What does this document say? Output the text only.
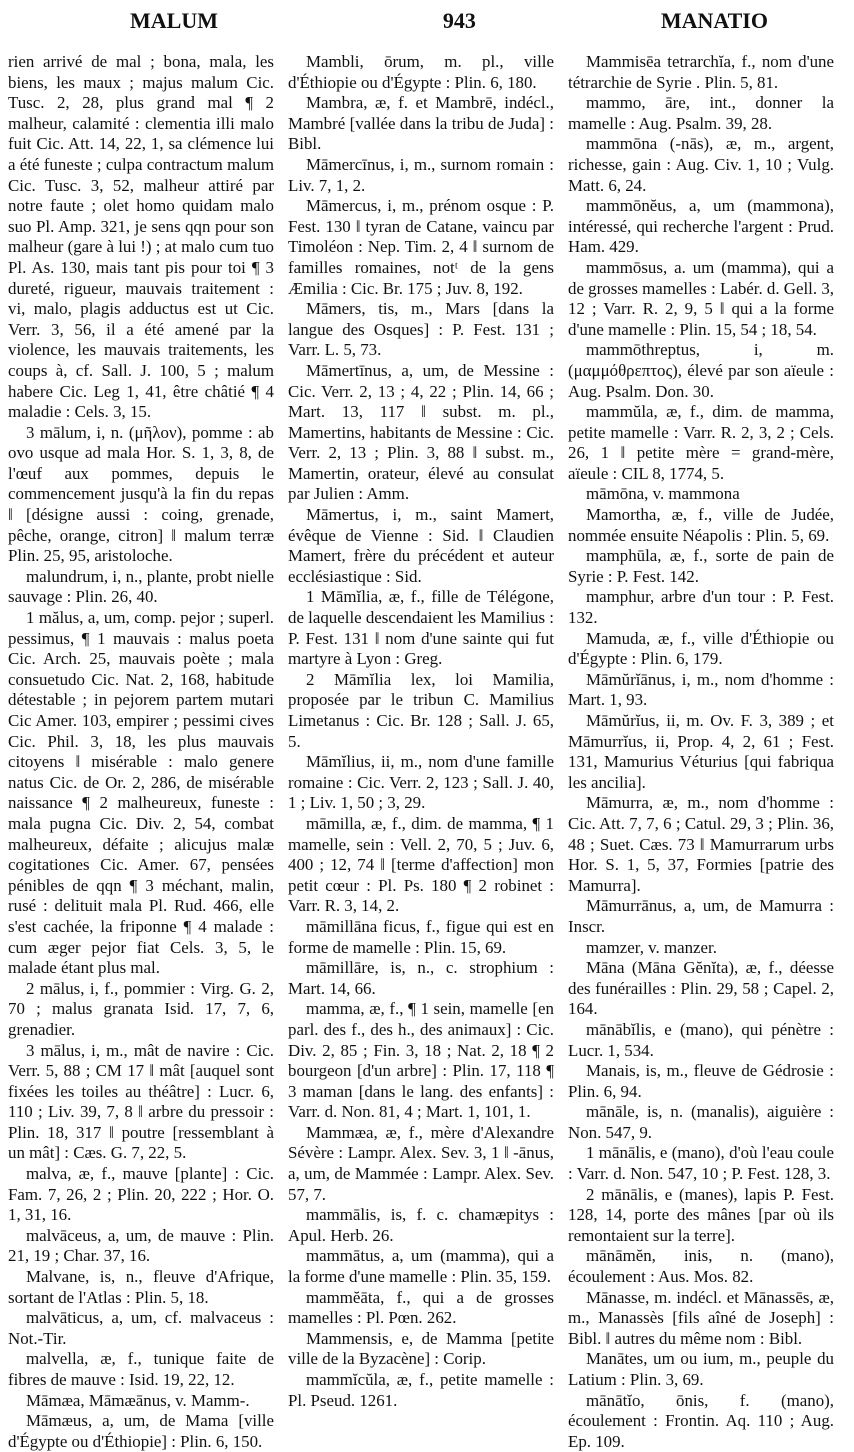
MALUM	943	MANATIO

rien arrivé de mal ; bona, mala, les biens, les maux ; majus malum Cic. Tusc. 2, 28, plus grand mal ¶ 2 malheur, calamité : clementia illi malo fuit Cic. Att. 14, 22, 1, sa clémence lui a été funeste ; culpa contractum malum Cic. Tusc. 3, 52, malheur attiré par notre faute ; olet homo quidam malo suo Pl. Amp. 321, je sens qqn pour son malheur (gare à lui !) ; at malo cum tuo Pl. As. 130, mais tant pis pour toi ¶ 3 dureté, rigueur, mauvais traitement : vi, malo, plagis adductus est ut Cic. Verr. 3, 56, il a été amené par la violence, les mauvais traitements, les coups à, cf. Sall. J. 100, 5 ; malum habere Cic. Leg 1, 41, être châtié ¶ 4 maladie : Cels. 3, 15.

3 mālum, i, n. (μῆλον), pomme : ab ovo usque ad mala Hor. S. 1, 3, 8, de l'œuf aux pommes, depuis le commencement jusqu'à la fin du repas ‖ [désigne aussi : coing, grenade, pêche, orange, citron] ‖ malum terræ Plin. 25, 95, aristoloche.

malundrum, i, n., plante, probt nielle sauvage : Plin. 26, 40.

1 mălus, a, um, comp. pejor ; superl. pessimus, ¶ 1 mauvais : malus poeta Cic. Arch. 25, mauvais poète ; mala consuetudo Cic. Nat. 2, 168, habitude détestable ; in pejorem partem mutari Cic Amer. 103, empirer ; pessimi cives Cic. Phil. 3, 18, les plus mauvais citoyens ‖ misérable : malo genere natus Cic. de Or. 2, 286, de misérable naissance ¶ 2 malheureux, funeste : mala pugna Cic. Div. 2, 54, combat malheureux, défaite ; alicujus malæ cogitationes Cic. Amer. 67, pensées pénibles de qqn ¶ 3 méchant, malin, rusé : delituit mala Pl. Rud. 466, elle s'est cachée, la friponne ¶ 4 malade : cum æger pejor fiat Cels. 3, 5, le malade étant plus mal.

2 mālus, i, f., pommier : Virg. G. 2, 70 ; malus granata Isid. 17, 7, 6, grenadier.

3 mālus, i, m., mât de navire : Cic. Verr. 5, 88 ; CM 17 ‖ mât [auquel sont fixées les toiles au théâtre] : Lucr. 6, 110 ; Liv. 39, 7, 8 ‖ arbre du pressoir : Plin. 18, 317 ‖ poutre [ressemblant à un mât] : Cæs. G. 7, 22, 5.

malva, æ, f., mauve [plante] : Cic. Fam. 7, 26, 2 ; Plin. 20, 222 ; Hor. O. 1, 31, 16.

malvāceus, a, um, de mauve : Plin. 21, 19 ; Char. 37, 16.

Malvane, is, n., fleuve d'Afrique, sortant de l'Atlas : Plin. 5, 18.

malvāticus, a, um, cf. malvaceus : Not.-Tir.

malvella, æ, f., tunique faite de fibres de mauve : Isid. 19, 22, 12.

Māmæa, Māmæānus, v. Mamm-.

Māmæus, a, um, de Mama [ville d'Égypte ou d'Éthiopie] : Plin. 6, 150.

Mambli, ōrum, m. pl., ville d'Éthiopie ou d'Égypte : Plin. 6, 180.

Mambra, æ, f. et Mambrē, indécl., Mambré [vallée dans la tribu de Juda] : Bibl.

Māmercīnus, i, m., surnom romain : Liv. 7, 1, 2.

Māmercus, i, m., prénom osque : P. Fest. 130 ‖ tyran de Catane, vaincu par Timoléon : Nep. Tim. 2, 4 ‖ surnom de familles romaines, notᵗ de la gens Æmilia : Cic. Br. 175 ; Juv. 8, 192.

Māmers, tis, m., Mars [dans la langue des Osques] : P. Fest. 131 ; Varr. L. 5, 73.

Māmertīnus, a, um, de Messine : Cic. Verr. 2, 13 ; 4, 22 ; Plin. 14, 66 ; Mart. 13, 117 ‖ subst. m. pl., Mamertins, habitants de Messine : Cic. Verr. 2, 13 ; Plin. 3, 88 ‖ subst. m., Mamertin, orateur, élevé au consulat par Julien : Amm.

Māmertus, i, m., saint Mamert, évêque de Vienne : Sid. ‖ Claudien Mamert, frère du précédent et auteur ecclésiastique : Sid.

1 Māmĭlia, æ, f., fille de Télégone, de laquelle descendaient les Mamilius : P. Fest. 131 ‖ nom d'une sainte qui fut martyre à Lyon : Greg.

2 Māmĭlia lex, loi Mamilia, proposée par le tribun C. Mamilius Limetanus : Cic. Br. 128 ; Sall. J. 65, 5.

Māmĭlius, ii, m., nom d'une famille romaine : Cic. Verr. 2, 123 ; Sall. J. 40, 1 ; Liv. 1, 50 ; 3, 29.

māmilla, æ, f., dim. de mamma, ¶ 1 mamelle, sein : Vell. 2, 70, 5 ; Juv. 6, 400 ; 12, 74 ‖ [terme d'affection] mon petit cœur : Pl. Ps. 180 ¶ 2 robinet : Varr. R. 3, 14, 2.

māmillāna ficus, f., figue qui est en forme de mamelle : Plin. 15, 69.

māmillāre, is, n., c. strophium : Mart. 14, 66.

mamma, æ, f., ¶ 1 sein, mamelle [en parl. des f., des h., des animaux] : Cic. Div. 2, 85 ; Fin. 3, 18 ; Nat. 2, 18 ¶ 2 bourgeon [d'un arbre] : Plin. 17, 118 ¶ 3 maman [dans le lang. des enfants] : Varr. d. Non. 81, 4 ; Mart. 1, 101, 1.

Mammæa, æ, f., mère d'Alexandre Sévère : Lampr. Alex. Sev. 3, 1 ‖ -ānus, a, um, de Mammée : Lampr. Alex. Sev. 57, 7.

mammālis, is, f. c. chamæpitys : Apul. Herb. 26.

mammātus, a, um (mamma), qui a la forme d'une mamelle : Plin. 35, 159.

mammĕāta, f., qui a de grosses mamelles : Pl. Pœn. 262.

Mammensis, e, de Mamma [petite ville de la Byzacène] : Corip.

mammĭcŭla, æ, f., petite mamelle : Pl. Pseud. 1261.

Mammisēa tetrarchĭa, f., nom d'une tétrarchie de Syrie . Plin. 5, 81.

mammo, āre, int., donner la mamelle : Aug. Psalm. 39, 28.

mammōna (-nās), æ, m., argent, richesse, gain : Aug. Civ. 1, 10 ; Vulg. Matt. 6, 24.

mammōnĕus, a, um (mammona), intéressé, qui recherche l'argent : Prud. Ham. 429.

mammōsus, a. um (mamma), qui a de grosses mamelles : Labér. d. Gell. 3, 12 ; Varr. R. 2, 9, 5 ‖ qui a la forme d'une mamelle : Plin. 15, 54 ; 18, 54.

mammōthreptus, i, m. (μαμμόθρεπτος), élevé par son aïeule : Aug. Psalm. Don. 30.

mammŭla, æ, f., dim. de mamma, petite mamelle : Varr. R. 2, 3, 2 ; Cels. 26, 1 ‖ petite mère = grand-mère, aïeule : CIL 8, 1774, 5.

māmōna, v. mammona

Mamortha, æ, f., ville de Judée, nommée ensuite Néapolis : Plin. 5, 69.

mamphūla, æ, f., sorte de pain de Syrie : P. Fest. 142.

mamphur, arbre d'un tour : P. Fest. 132.

Mamuda, æ, f., ville d'Éthiopie ou d'Égypte : Plin. 6, 179.

Māmŭrĭānus, i, m., nom d'homme : Mart. 1, 93.

Māmŭrĭus, ii, m. Ov. F. 3, 389 ; et Māmurrĭus, ii, Prop. 4, 2, 61 ; Fest. 131, Mamurius Véturius [qui fabriqua les ancilia].

Māmurra, æ, m., nom d'homme : Cic. Att. 7, 7, 6 ; Catul. 29, 3 ; Plin. 36, 48 ; Suet. Cæs. 73 ‖ Mamurrarum urbs Hor. S. 1, 5, 37, Formies [patrie des Mamurra].

Māmurrānus, a, um, de Mamurra : Inscr.

mamzer, v. manzer.

Māna (Māna Gĕnĭta), æ, f., déesse des funérailles : Plin. 29, 58 ; Capel. 2, 164.

mānābĭlis, e (mano), qui pénètre : Lucr. 1, 534.

Manais, is, m., fleuve de Gédrosie : Plin. 6, 94.

mānāle, is, n. (manalis), aiguière : Non. 547, 9.

1 mānālis, e (mano), d'où l'eau coule : Varr. d. Non. 547, 10 ; P. Fest. 128, 3.

2 mānālis, e (manes), lapis P. Fest. 128, 14, porte des mânes [par où ils remontaient sur la terre].

mānāmĕn, inis, n. (mano), écoulement : Aus. Mos. 82.

Mānasse, m. indécl. et Mānassēs, æ, m., Manassès [fils aîné de Joseph] : Bibl. ‖ autres du même nom : Bibl.

Manātes, um ou ium, m., peuple du Latium : Plin. 3, 69.

mānātĭo, ōnis, f. (mano), écoulement : Frontin. Aq. 110 ; Aug. Ep. 109.
